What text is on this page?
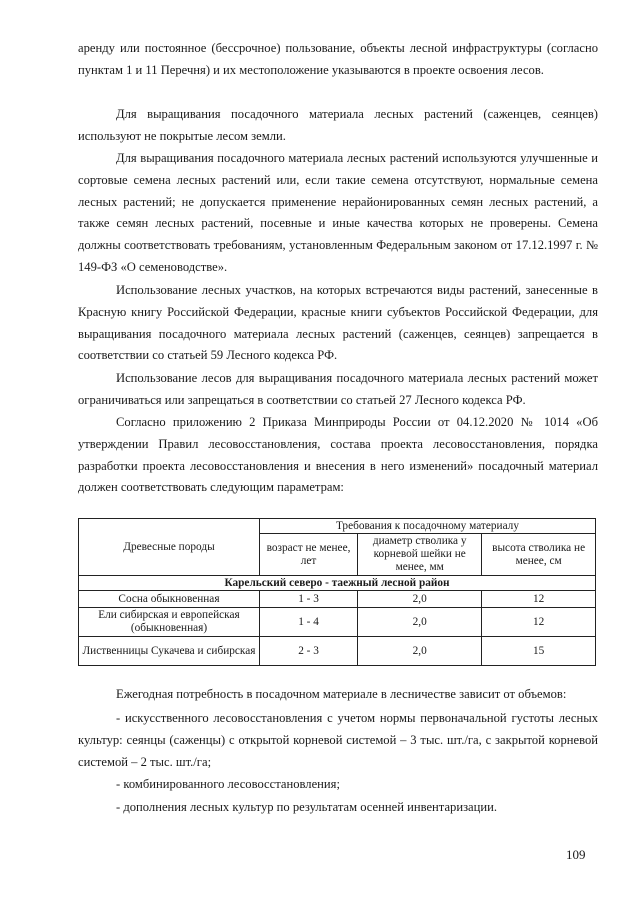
аренду или постоянное (бессрочное) пользование, объекты лесной инфраструктуры (согласно пунктам 1 и 11 Перечня) и их местоположение указываются в проекте освоения лесов.

Для выращивания посадочного материала лесных растений (саженцев, сеянцев) используют не покрытые лесом земли.

Для выращивания посадочного материала лесных растений используются улучшенные и сортовые семена лесных растений или, если такие семена отсутствуют, нормальные семена лесных растений; не допускается применение нерайонированных семян лесных растений, а также семян лесных растений, посевные и иные качества которых не проверены. Семена должны соответствовать требованиям, установленным Федеральным законом от 17.12.1997 г. № 149-ФЗ «О семеноводстве».

Использование лесных участков, на которых встречаются виды растений, занесенные в Красную книгу Российской Федерации, красные книги субъектов Российской Федерации, для выращивания посадочного материала лесных растений (саженцев, сеянцев) запрещается в соответствии со статьей 59 Лесного кодекса РФ.

Использование лесов для выращивания посадочного материала лесных растений может ограничиваться или запрещаться в соответствии со статьей 27 Лесного кодекса РФ.

Согласно приложению 2 Приказа Минприроды России от 04.12.2020 № 1014 «Об утверждении Правил лесовосстановления, состава проекта лесовосстановления, порядка разработки проекта лесовосстановления и внесения в него изменений» посадочный материал должен соответствовать следующим параметрам:

Древесные породы	Требования к посадочному материалу		
	возраст не менее, лет	диаметр стволика у корневой шейки не менее, мм	высота стволика не менее, см
Карельский северо - таежный лесной район			
Сосна обыкновенная	1 - 3	2,0	12
Ели сибирская и европейская (обыкновенная)	1 - 4	2,0	12
Лиственницы Сукачева и сибирская	2 - 3	2,0	15

Ежегодная потребность в посадочном материале в лесничестве зависит от объемов:

- искусственного лесовосстановления с учетом нормы первоначальной густоты лесных культур: сеянцы (саженцы) с открытой корневой системой – 3 тыс. шт./га, с закрытой корневой системой – 2 тыс. шт./га;

- комбинированного лесовосстановления;

- дополнения лесных культур по результатам осенней инвентаризации.

109
